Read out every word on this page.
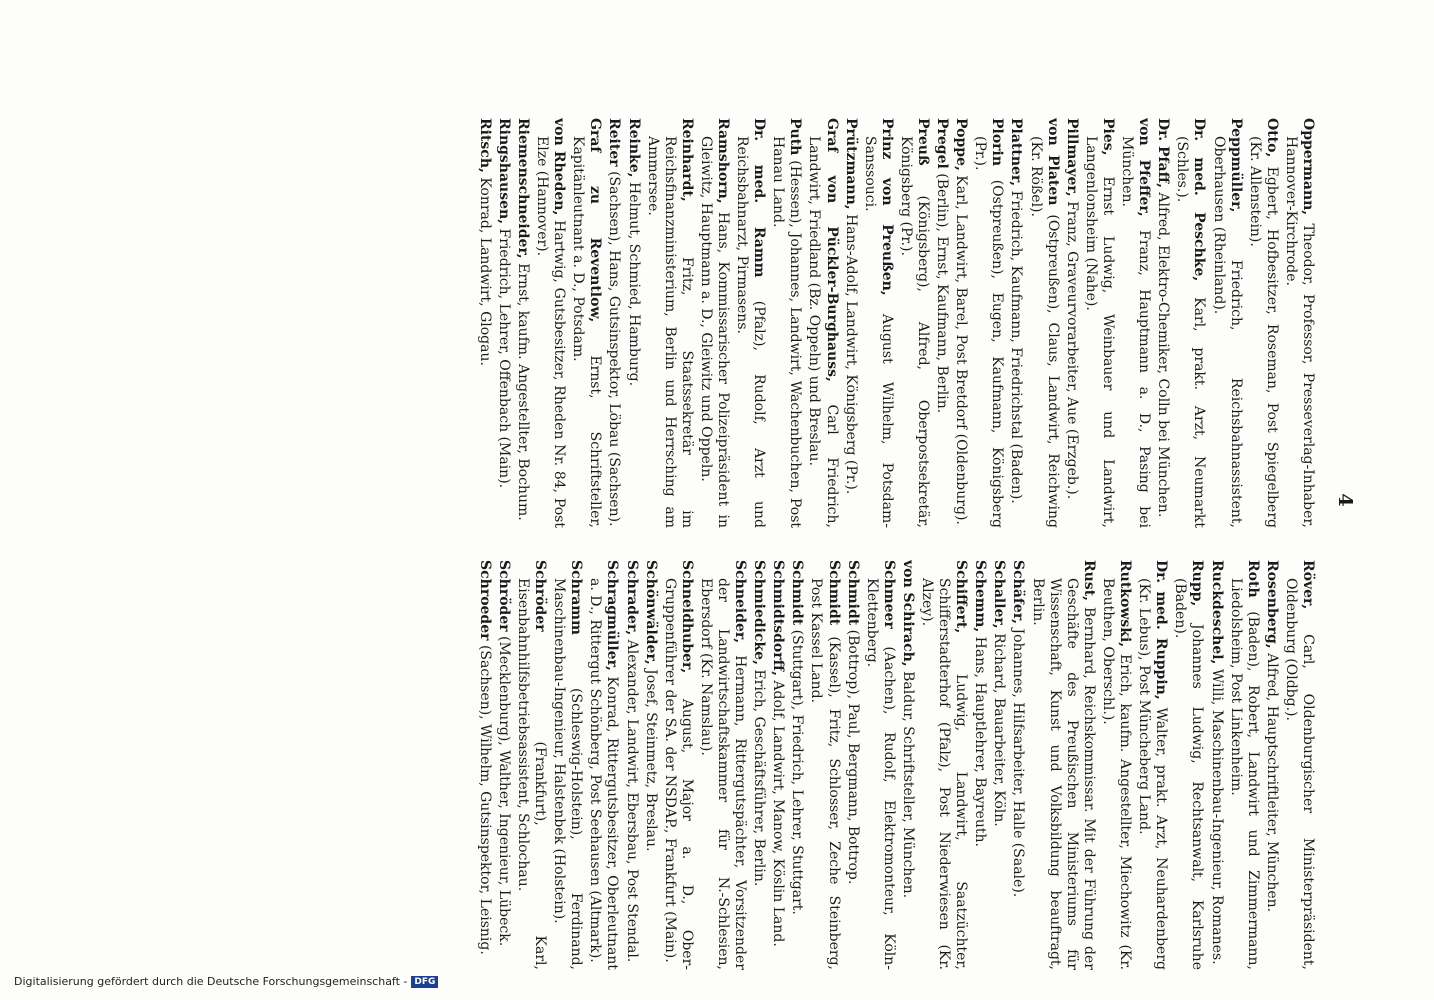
4

Oppermann, Theodor, Professor, Presseverlag-Inhaber, Hannover-Kirchrode.

Otto, Egbert, Hofbesitzer, Roseman, Post Spiegelberg (Kr. Allenstein).

Peppmüller, Friedrich, Reichsbahnassistent, Oberhausen (Rheinland).

Dr. med. Peschke, Karl, prakt. Arzt, Neumarkt (Schles.).

Dr. Pfaff, Alfred, Elektro-Chemiker, Colln bei München.

von Pfeffer, Franz, Hauptmann a. D., Pasing bei München.

Pies, Ernst Ludwig, Weinbauer und Landwirt, Langenlonsheim (Nahe).

Pillmayer, Franz, Graveurvorarbeiter, Aue (Erzgeb.).

von Platen (Ostpreußen), Claus, Landwirt, Reichwing (Kr. Rößel).

Plattner, Friedrich, Kaufmann, Friedrichstal (Baden).

Plorin (Ostpreußen), Eugen, Kaufmann, Königsberg (Pr.).

Poppe, Karl, Landwirt, Barel, Post Bretdorf (Oldenburg).

Pregel (Berlin), Ernst, Kaufmann, Berlin.

Preuß (Königsberg), Alfred, Oberpostsekretär, Königsberg (Pr.).

Prinz von Preußen, August Wilhelm, Potsdam-Sanssouci.

Prützmann, Hans-Adolf, Landwirt, Königsberg (Pr.).

Graf von Pückler-Burghauss, Carl Friedrich, Landwirt, Friedland (Bz. Oppeln) und Breslau.

Puth (Hessen), Johannes, Landwirt, Wachenbuchen, Post Hanau Land.

Dr. med. Ramm (Pfalz), Rudolf, Arzt und Reichsbahnarzt, Pirmasens.

Ramshorn, Hans, Kommissarischer Polizeipräsident in Gleiwitz, Hauptmann a. D., Gleiwitz und Oppeln.

Reinhardt, Fritz, Staatssekretär im Reichsfinanzministerium, Berlin und Herrsching am Ammersee.

Reinke, Helmut, Schmied, Hamburg.

Reiter (Sachsen), Hans, Gutsinspektor, Löbau (Sachsen).

Graf zu Reventlow, Ernst, Schriftsteller, Kapitänleutnant a. D., Potsdam.

von Rheden, Hartwig, Gutsbesitzer, Rheden Nr. 84, Post Elze (Hannover).

Riemenschneider, Ernst, kaufm. Angestellter, Bochum.

Ringshausen, Friedrich, Lehrer, Offenbach (Main).

Ritsch, Konrad, Landwirt, Glogau.

Röver, Carl, Oldenburgischer Ministerpräsident, Oldenburg (Oldbg.).

Rosenberg, Alfred, Hauptschriftleiter, München.

Roth (Baden), Robert, Landwirt und Zimmermann, Liedolsheim, Post Linkenheim.

Ruckdeschel, Willi, Maschinenbau-Ingenieur, Romanes.

Rupp, Johannes Ludwig, Rechtsanwalt, Karlsruhe (Baden).

Dr. med. Ruppin, Walter, prakt. Arzt, Neuhardenberg (Kr. Lebus), Post Müncheberg Land.

Rutkowski, Erich, kaufm. Angestellter, Miechowitz (Kr. Beuthen, Oberschl.).

Rust, Bernhard, Reichskommissar. Mit der Führung der Geschäfte des Preußischen Ministeriums für Wissenschaft, Kunst und Volksbildung beauftragt, Berlin.

Schäfer, Johannes, Hilfsarbeiter, Halle (Saale).

Schaller, Richard, Bauarbeiter, Köln.

Schemm, Hans, Hauptlehrer, Bayreuth.

Schiffert, Ludwig, Landwirt, Saatzüchter, Schifferstadterhof (Pfalz), Post Niederwiesen (Kr. Alzey).

von Schirach, Baldur, Schriftsteller, München.

Schmeer (Aachen), Rudolf, Elektromonteur, Köln-Klettenberg.

Schmidt (Bottrop), Paul, Bergmann, Bottrop.

Schmidt (Kassel), Fritz, Schlosser, Zeche Steinberg, Post Kassel Land.

Schmidt (Stuttgart), Friedrich, Lehrer, Stuttgart.

Schmidtsdorff, Adolf, Landwirt, Manow, Köslin Land.

Schmiedicke, Erich, Geschäftsführer, Berlin.

Schneider, Hermann, Rittergutspächter, Vorsitzender der Landwirtschaftskammer für N.-Schlesien, Ebersdorf (Kr. Namslau).

Schneidhuber, August, Major a. D., Ober-Gruppenführer der SA. der NSDAP., Frankfurt (Main).

Schönwälder, Josef, Steinmetz, Breslau.

Schrader, Alexander, Landwirt, Ebersbau, Post Stendal.

Schragmüller, Konrad, Rittergutsbesitzer, Oberleutnant a. D., Rittergut Schönberg, Post Seehausen (Altmark).

Schramm (Schleswig-Holstein), Ferdinand, Maschinenbau-Ingenieur, Halstenbek (Holstein).

Schröder (Frankfurt), Karl, Eisenbahnhilfsbetriebsassistent, Schlochau.

Schröder (Mecklenburg), Walther, Ingenieur, Lübeck.

Schroeder (Sachsen), Wilhelm, Gutsinspektor, Leisnig.

Digitalisierung gefördert durch die Deutsche Forschungsgemeinschaft - DFG
